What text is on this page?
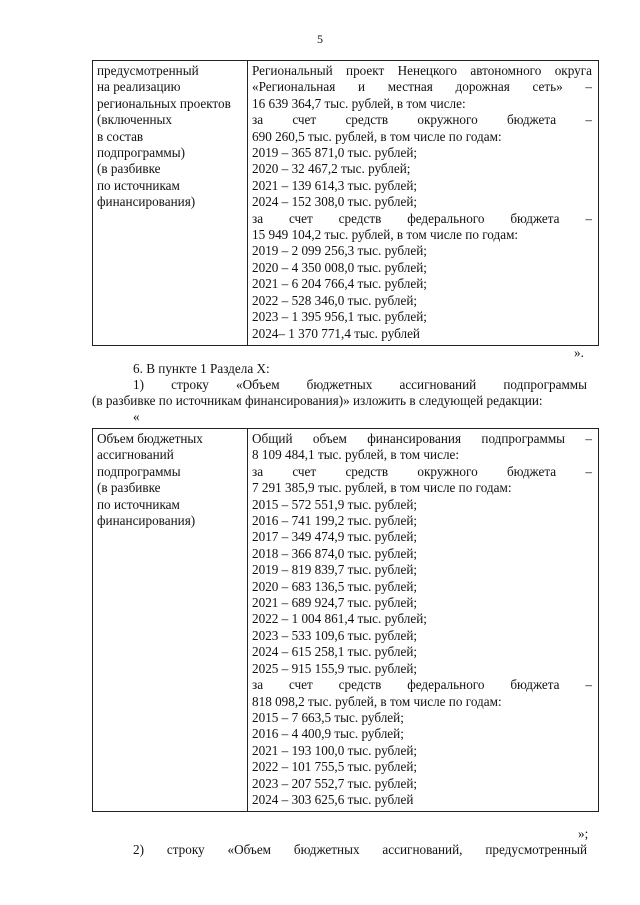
5
предусмотренный
на реализацию
региональных проектов
(включенных
в состав
подпрограммы)
(в разбивке
по источникам
финансирования)

Региональный проект Ненецкого автономного округа
«Региональная и местная дорожная сеть» –
16 639 364,7 тыс. рублей, в том числе:
за счет средств окружного бюджета –
690 260,5 тыс. рублей, в том числе по годам:
2019 – 365 871,0 тыс. рублей;
2020 – 32 467,2 тыс. рублей;
2021 – 139 614,3 тыс. рублей;
2024 – 152 308,0 тыс. рублей;
за счет средств федерального бюджета –
15 949 104,2 тыс. рублей, в том числе по годам:
2019 – 2 099 256,3 тыс. рублей;
2020 – 4 350 008,0 тыс. рублей;
2021 – 6 204 766,4 тыс. рублей;
2022 – 528 346,0 тыс. рублей;
2023 – 1 395 956,1 тыс. рублей;
2024– 1 370 771,4 тыс. рублей
».
6. В пункте 1 Раздела X:
1) строку «Объем бюджетных ассигнований подпрограммы
(в разбивке по источникам финансирования)» изложить в следующей редакции:
«
Объем бюджетных
ассигнований
подпрограммы
(в разбивке
по источникам
финансирования)

Общий объем финансирования подпрограммы –
8 109 484,1 тыс. рублей, в том числе:
за счет средств окружного бюджета –
7 291 385,9 тыс. рублей, в том числе по годам:
2015 – 572 551,9 тыс. рублей;
2016 – 741 199,2 тыс. рублей;
2017 – 349 474,9 тыс. рублей;
2018 – 366 874,0 тыс. рублей;
2019 – 819 839,7 тыс. рублей;
2020 – 683 136,5 тыс. рублей;
2021 – 689 924,7 тыс. рублей;
2022 – 1 004 861,4 тыс. рублей;
2023 – 533 109,6 тыс. рублей;
2024 – 615 258,1 тыс. рублей;
2025 – 915 155,9 тыс. рублей;
за счет средств федерального бюджета –
818 098,2 тыс. рублей, в том числе по годам:
2015 – 7 663,5 тыс. рублей;
2016 – 4 400,9 тыс. рублей;
2021 – 193 100,0 тыс. рублей;
2022 – 101 755,5 тыс. рублей;
2023 – 207 552,7 тыс. рублей;
2024 – 303 625,6 тыс. рублей
»;
2) строку «Объем бюджетных ассигнований, предусмотренный
